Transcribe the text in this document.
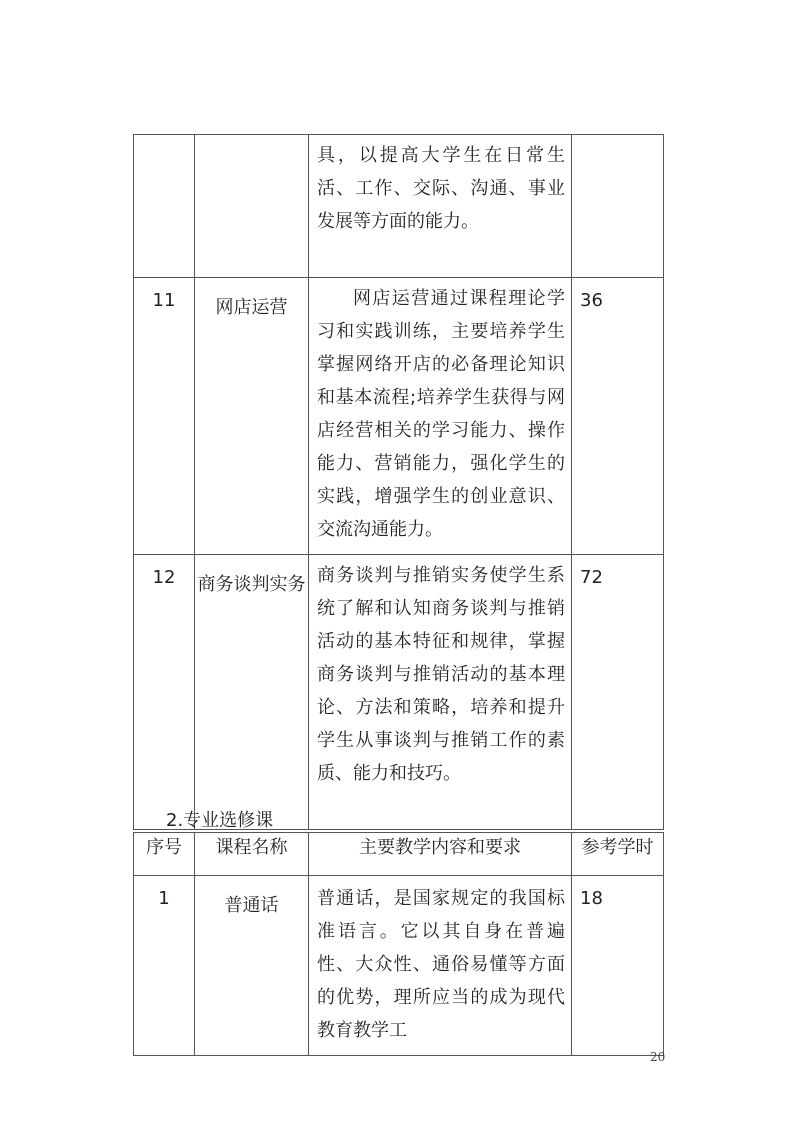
		具，以提高大学生在日常生活、工作、交际、沟通、事业发展等方面的能力。	
11	网店运营	网店运营通过课程理论学习和实践训练，主要培养学生掌握网络开店的必备理论知识和基本流程;培养学生获得与网店经营相关的学习能力、操作能力、营销能力，强化学生的实践，增强学生的创业意识、交流沟通能力。	36
12	商务谈判实务	商务谈判与推销实务使学生系统了解和认知商务谈判与推销活动的基本特征和规律，掌握商务谈判与推销活动的基本理论、方法和策略，培养和提升学生从事谈判与推销工作的素质、能力和技巧。	72
2.专业选修课
序号	课程名称	主要教学内容和要求	参考学时
1	普通话	普通话，是国家规定的我国标准语言。它以其自身在普遍性、大众性、通俗易懂等方面的优势，理所应当的成为现代教育教学工	18
20
